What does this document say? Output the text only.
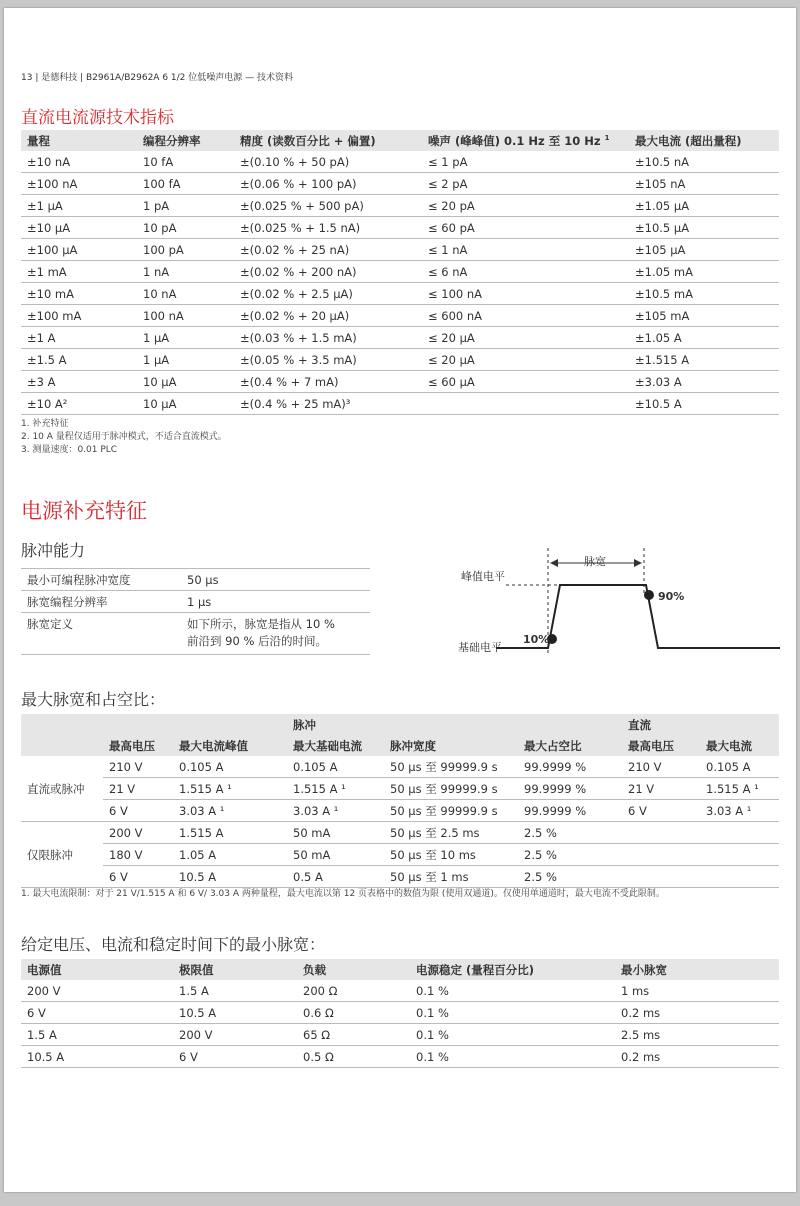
13 | 是德科技 | B2961A/B2962A 6 1/2 位低噪声电源 — 技术资料
直流电流源技术指标
量程	编程分辨率	精度 (读数百分比 + 偏置)	噪声 (峰峰值) 0.1 Hz 至 10 Hz $^1$	最大电流 (超出量程)
±10 nA	10 fA	±(0.10 % + 50 pA)	≤ 1 pA	±10.5 nA
±100 nA	100 fA	±(0.06 % + 100 pA)	≤ 2 pA	±105 nA
±1 µA	1 pA	±(0.025 % + 500 pA)	≤ 20 pA	±1.05 µA
±10 µA	10 pA	±(0.025 % + 1.5 nA)	≤ 60 pA	±10.5 µA
±100 µA	100 pA	±(0.02 % + 25 nA)	≤ 1 nA	±105 µA
±1 mA	1 nA	±(0.02 % + 200 nA)	≤ 6 nA	±1.05 mA
±10 mA	10 nA	±(0.02 % + 2.5 µA)	≤ 100 nA	±10.5 mA
±100 mA	100 nA	±(0.02 % + 20 µA)	≤ 600 nA	±105 mA
±1 A	1 µA	±(0.03 % + 1.5 mA)	≤ 20 µA	±1.05 A
±1.5 A	1 µA	±(0.05 % + 3.5 mA)	≤ 20 µA	±1.515 A
±3 A	10 µA	±(0.4 % + 7 mA)	≤ 60 µA	±3.03 A
±10 A²	10 µA	±(0.4 % + 25 mA)³		±10.5 A
1. 补充特征
2. 10 A 量程仅适用于脉冲模式，不适合直流模式。
3. 测量速度：0.01 PLC
电源补充特征
脉冲能力
最小可编程脉冲宽度	50 µs
脉宽编程分辨率	1 µs
脉宽定义	如下所示，脉宽是指从 10 %
前沿到 90 % 后沿的时间。
脉宽
峰值电平
基础电平
10%
90%
最大脉宽和占空比：
			脉冲			直流	
	最高电压	最大电流峰值	最大基础电流	脉冲宽度	最大占空比	最高电压	最大电流
直流或脉冲	210 V	0.105 A	0.105 A	50 µs 至 99999.9 s	99.9999 %	210 V	0.105 A
	21 V	1.515 A ¹	1.515 A ¹	50 µs 至 99999.9 s	99.9999 %	21 V	1.515 A ¹
	6 V	3.03 A ¹	3.03 A ¹	50 µs 至 99999.9 s	99.9999 %	6 V	3.03 A ¹
仅限脉冲	200 V	1.515 A	50 mA	50 µs 至 2.5 ms	2.5 %		
	180 V	1.05 A	50 mA	50 µs 至 10 ms	2.5 %		
	6 V	10.5 A	0.5 A	50 µs 至 1 ms	2.5 %		
1. 最大电流限制：对于 21 V/1.515 A 和 6 V/ 3.03 A 两种量程，最大电流以第 12 页表格中的数值为限 (使用双通道)。仅使用单通道时，最大电流不受此限制。
给定电压、电流和稳定时间下的最小脉宽：
电源值	极限值	负载	电源稳定 (量程百分比)	最小脉宽
200 V	1.5 A	200 Ω	0.1 %	1 ms
6 V	10.5 A	0.6 Ω	0.1 %	0.2 ms
1.5 A	200 V	65 Ω	0.1 %	2.5 ms
10.5 A	6 V	0.5 Ω	0.1 %	0.2 ms
